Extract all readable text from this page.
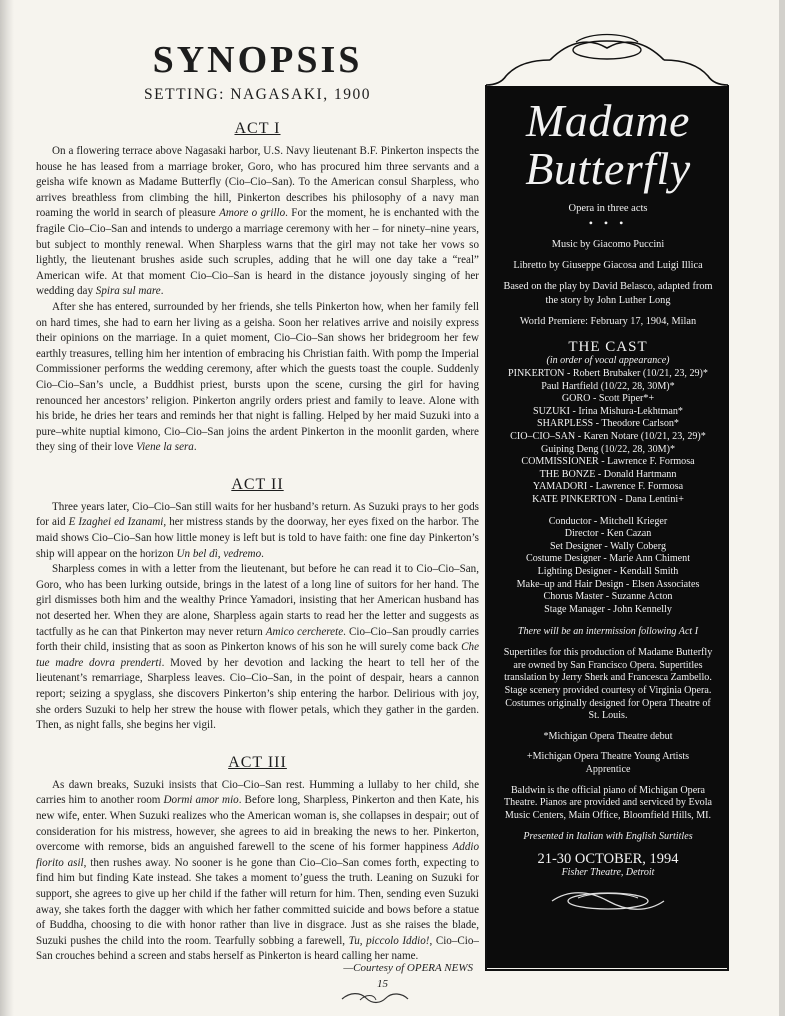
SYNOPSIS
SETTING: NAGASAKI, 1900
ACT I

On a flowering terrace above Nagasaki harbor, U.S. Navy lieutenant B.F. Pinkerton inspects the house he has leased from a marriage broker, Goro, who has procured him three servants and a geisha wife known as Madame Butterfly (Cio–Cio–San). To the American consul Sharpless, who arrives breathless from climbing the hill, Pinkerton describes his philosophy of a navy man roaming the world in search of pleasure Amore o grillo. For the moment, he is enchanted with the fragile Cio–Cio–San and intends to undergo a marriage ceremony with her – for ninety–nine years, but subject to monthly renewal. When Sharpless warns that the girl may not take her vows so lightly, the lieutenant brushes aside such scruples, adding that he will one day take a “real” American wife. At that moment Cio–Cio–San is heard in the distance joyously singing of her wedding day Spira sul mare.

After she has entered, surrounded by her friends, she tells Pinkerton how, when her family fell on hard times, she had to earn her living as a geisha. Soon her relatives arrive and noisily express their opinions on the marriage. In a quiet moment, Cio–Cio–San shows her bridegroom her few earthly treasures, telling him her intention of embracing his Christian faith. With pomp the Imperial Commissioner performs the wedding ceremony, after which the guests toast the couple. Suddenly Cio–Cio–San’s uncle, a Buddhist priest, bursts upon the scene, cursing the girl for having renounced her ancestors’ religion. Pinkerton angrily orders priest and family to leave. Alone with his bride, he dries her tears and reminds her that night is falling. Helped by her maid Suzuki into a pure–white nuptial kimono, Cio–Cio–San joins the ardent Pinkerton in the moonlit garden, where they sing of their love Viene la sera.

ACT II

Three years later, Cio–Cio–San still waits for her husband’s return. As Suzuki prays to her gods for aid E Izaghei ed Izanami, her mistress stands by the doorway, her eyes fixed on the harbor. The maid shows Cio–Cio–San how little money is left but is told to have faith: one fine day Pinkerton’s ship will appear on the horizon Un bel dì, vedremo.

Sharpless comes in with a letter from the lieutenant, but before he can read it to Cio–Cio–San, Goro, who has been lurking outside, brings in the latest of a long line of suitors for her hand. The girl dismisses both him and the wealthy Prince Yamadori, insisting that her American husband has not deserted her. When they are alone, Sharpless again starts to read her the letter and suggests as tactfully as he can that Pinkerton may never return Amico cercherete. Cio–Cio–San proudly carries forth their child, insisting that as soon as Pinkerton knows of his son he will surely come back Che tue madre dovra prenderti. Moved by her devotion and lacking the heart to tell her of the lieutenant’s remarriage, Sharpless leaves. Cio–Cio–San, in the point of despair, hears a cannon report; seizing a spyglass, she discovers Pinkerton’s ship entering the harbor. Delirious with joy, she orders Suzuki to help her strew the house with flower petals, which they gather in the garden. Then, as night falls, she begins her vigil.

ACT III

As dawn breaks, Suzuki insists that Cio–Cio–San rest. Humming a lullaby to her child, she carries him to another room Dormi amor mio. Before long, Sharpless, Pinkerton and then Kate, his new wife, enter. When Suzuki realizes who the American woman is, she collapses in despair; out of consideration for his mistress, however, she agrees to aid in breaking the news to her. Pinkerton, overcome with remorse, bids an anguished farewell to the scene of his former happiness Addio fiorito asil, then rushes away. No sooner is he gone than Cio–Cio–San comes forth, expecting to find him but finding Kate instead. She takes a moment to’guess the truth. Leaning on Suzuki for support, she agrees to give up her child if the father will return for him. Then, sending even Suzuki away, she takes forth the dagger with which her father committed suicide and bows before a statue of Buddha, choosing to die with honor rather than live in disgrace. Just as she raises the blade, Suzuki pushes the child into the room. Tearfully sobbing a farewell, Tu, piccolo Iddio!, Cio–Cio–San crouches behind a screen and stabs herself as Pinkerton is heard calling her name.

—Courtesy of OPERA NEWS
15
Madame
Butterfly
Opera in three acts
• • •
Music by Giacomo Puccini
Libretto by Giuseppe Giacosa and Luigi Illica
Based on the play by David Belasco, adapted from the story by John Luther Long
World Premiere: February 17, 1904, Milan
THE CAST
(in order of vocal appearance)
PINKERTON - Robert Brubaker (10/21, 23, 29)*
Paul Hartfield (10/22, 28, 30M)*
GORO - Scott Piper*+
SUZUKI - Irina Mishura-Lekhtman*
SHARPLESS - Theodore Carlson*
CIO–CIO–SAN - Karen Notare (10/21, 23, 29)*
Guiping Deng (10/22, 28, 30M)*
COMMISSIONER - Lawrence F. Formosa
THE BONZE - Donald Hartmann
YAMADORI - Lawrence F. Formosa
KATE PINKERTON - Dana Lentini+
Conductor - Mitchell Krieger
Director - Ken Cazan
Set Designer - Wally Coberg
Costume Designer - Marie Ann Chiment
Lighting Designer - Kendall Smith
Make–up and Hair Design - Elsen Associates
Chorus Master - Suzanne Acton
Stage Manager - John Kennelly
There will be an intermission following Act I
Supertitles for this production of Madame Butterfly are owned by San Francisco Opera. Supertitles translation by Jerry Sherk and Francesca Zambello. Stage scenery provided courtesy of Virginia Opera. Costumes originally designed for Opera Theatre of St. Louis.
*Michigan Opera Theatre debut
+Michigan Opera Theatre Young Artists Apprentice
Baldwin is the official piano of Michigan Opera Theatre. Pianos are provided and serviced by Evola Music Centers, Main Office, Bloomfield Hills, MI.
Presented in Italian with English Surtitles
21-30 OCTOBER, 1994
Fisher Theatre, Detroit
